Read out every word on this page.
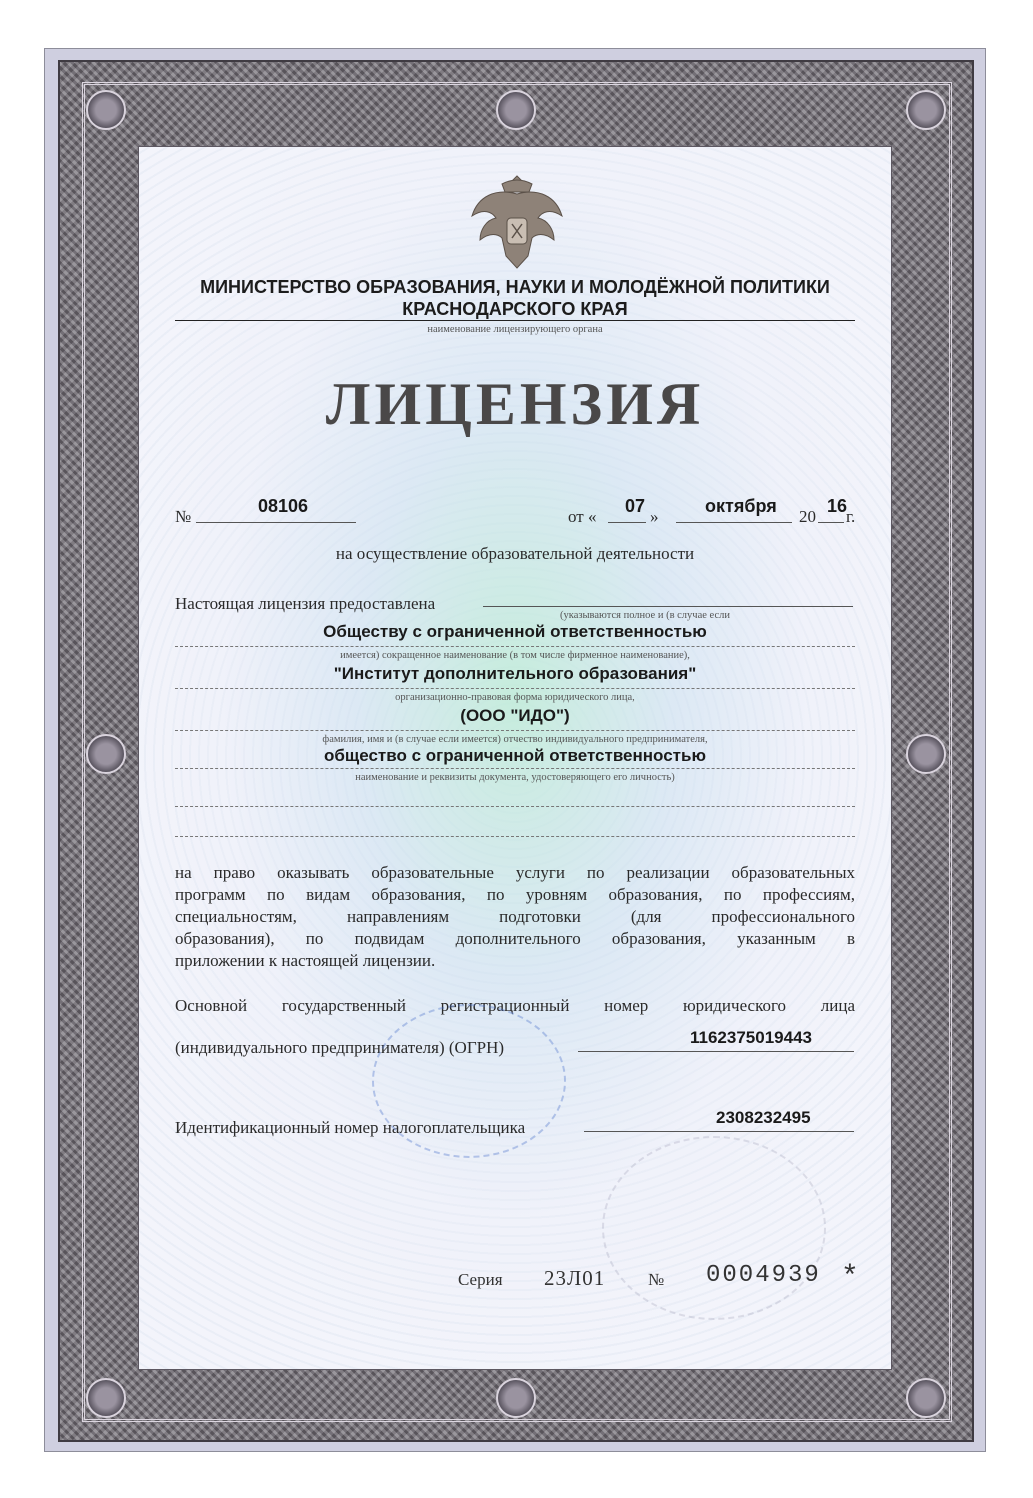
МИНИСТЕРСТВО ОБРАЗОВАНИЯ, НАУКИ И МОЛОДЁЖНОЙ ПОЛИТИКИ
КРАСНОДАРСКОГО КРАЯ
наименование лицензирующего органа
ЛИЦЕНЗИЯ
№
08106
от «
07
»
октября
20
16
г.
на осуществление образовательной деятельности
Настоящая лицензия предоставлена
(указываются полное и (в случае если
Обществу с ограниченной ответственностью
имеется) сокращенное наименование (в том числе фирменное наименование),
"Институт дополнительного образования"
организационно-правовая форма юридического лица,
(ООО "ИДО")
фамилия, имя и (в случае если имеется) отчество индивидуального предпринимателя,
общество с ограниченной ответственностью
наименование и реквизиты документа, удостоверяющего его личность)
на право оказывать образовательные услуги по реализации образовательных
программ по видам образования, по уровням образования, по профессиям,
специальностям, направлениям подготовки (для профессионального
образования), по подвидам дополнительного образования, указанным в
приложении к настоящей лицензии.
Основной государственный регистрационный номер юридического лица
(индивидуального предпринимателя) (ОГРН)
1162375019443
Идентификационный номер налогоплательщика
2308232495
Серия 23Л01	№ 0004939 *
